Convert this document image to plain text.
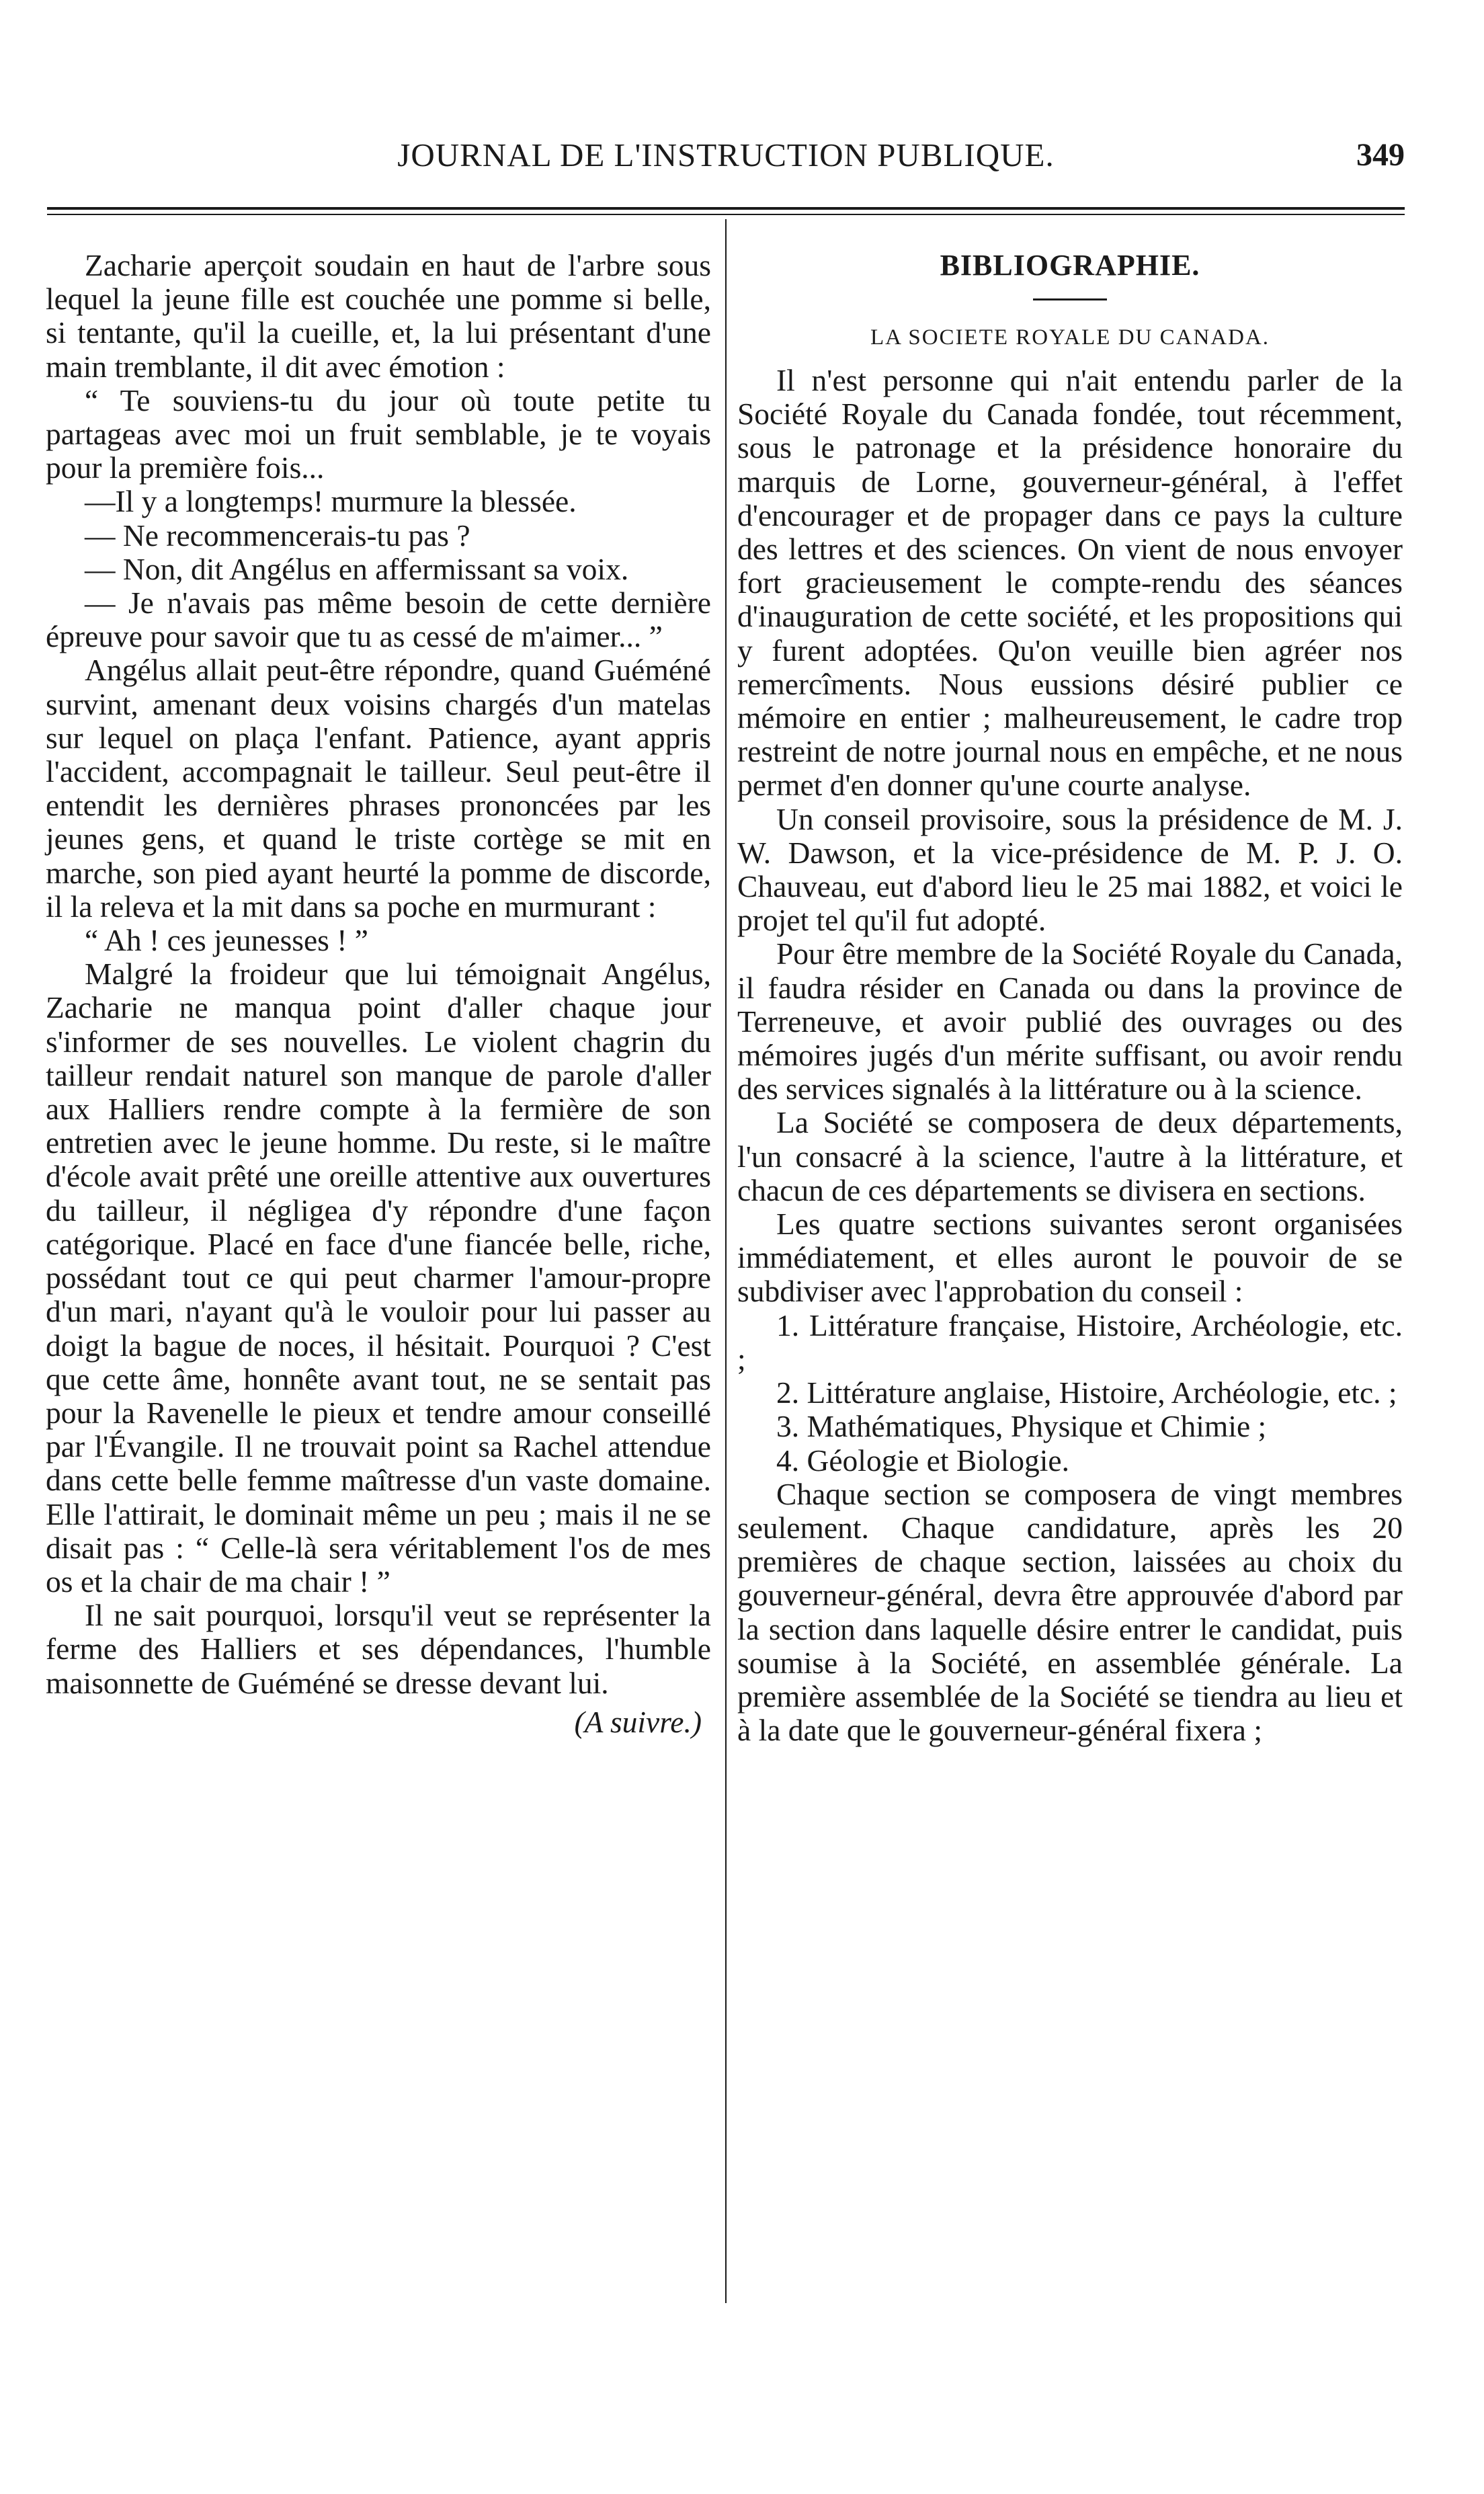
JOURNAL DE L'INSTRUCTION PUBLIQUE.	349

Zacharie aperçoit soudain en haut de l'arbre sous lequel la jeune fille est couchée une pomme si belle, si tentante, qu'il la cueille, et, la lui présentant d'une main tremblante, il dit avec émotion :

“ Te souviens-tu du jour où toute petite tu partageas avec moi un fruit semblable, je te voyais pour la première fois...

—Il y a longtemps! murmure la blessée.

— Ne recommencerais-tu pas ?

— Non, dit Angélus en affermissant sa voix.

— Je n'avais pas même besoin de cette dernière épreuve pour savoir que tu as cessé de m'aimer... ”

Angélus allait peut-être répondre, quand Guéméné survint, amenant deux voisins chargés d'un matelas sur lequel on plaça l'enfant. Patience, ayant appris l'accident, accompagnait le tailleur. Seul peut-être il entendit les dernières phrases prononcées par les jeunes gens, et quand le triste cortège se mit en marche, son pied ayant heurté la pomme de discorde, il la releva et la mit dans sa poche en murmurant :

“ Ah ! ces jeunesses ! ”

Malgré la froideur que lui témoignait Angélus, Zacharie ne manqua point d'aller chaque jour s'informer de ses nouvelles. Le violent chagrin du tailleur rendait naturel son manque de parole d'aller aux Halliers rendre compte à la fermière de son entretien avec le jeune homme. Du reste, si le maître d'école avait prêté une oreille attentive aux ouvertures du tailleur, il négligea d'y répondre d'une façon catégorique. Placé en face d'une fiancée belle, riche, possédant tout ce qui peut charmer l'amour-propre d'un mari, n'ayant qu'à le vouloir pour lui passer au doigt la bague de noces, il hésitait. Pourquoi ? C'est que cette âme, honnête avant tout, ne se sentait pas pour la Ravenelle le pieux et tendre amour conseillé par l'Évangile. Il ne trouvait point sa Rachel attendue dans cette belle femme maîtresse d'un vaste domaine. Elle l'attirait, le dominait même un peu ; mais il ne se disait pas : “ Celle-là sera véritablement l'os de mes os et la chair de ma chair ! ”

Il ne sait pourquoi, lorsqu'il veut se représenter la ferme des Halliers et ses dépendances, l'humble maisonnette de Guéméné se dresse devant lui.

(A suivre.)
BIBLIOGRAPHIE.
LA SOCIETE ROYALE DU CANADA.

Il n'est personne qui n'ait entendu parler de la Société Royale du Canada fondée, tout récemment, sous le patronage et la présidence honoraire du marquis de Lorne, gouverneur-général, à l'effet d'encourager et de propager dans ce pays la culture des lettres et des sciences. On vient de nous envoyer fort gracieusement le compte-rendu des séances d'inauguration de cette société, et les propositions qui y furent adoptées. Qu'on veuille bien agréer nos remercîments. Nous eussions désiré publier ce mémoire en entier ; malheureusement, le cadre trop restreint de notre journal nous en empêche, et ne nous permet d'en donner qu'une courte analyse.

Un conseil provisoire, sous la présidence de M. J. W. Dawson, et la vice-présidence de M. P. J. O. Chauveau, eut d'abord lieu le 25 mai 1882, et voici le projet tel qu'il fut adopté.

Pour être membre de la Société Royale du Canada, il faudra résider en Canada ou dans la province de Terreneuve, et avoir publié des ouvrages ou des mémoires jugés d'un mérite suffisant, ou avoir rendu des services signalés à la littérature ou à la science.

La Société se composera de deux départements, l'un consacré à la science, l'autre à la littérature, et chacun de ces départements se divisera en sections.

Les quatre sections suivantes seront organisées immédiatement, et elles auront le pouvoir de se subdiviser avec l'approbation du conseil :

1. Littérature française, Histoire, Archéologie, etc. ;

2. Littérature anglaise, Histoire, Archéologie, etc. ;

3. Mathématiques, Physique et Chimie ;

4. Géologie et Biologie.

Chaque section se composera de vingt membres seulement. Chaque candidature, après les 20 premières de chaque section, laissées au choix du gouverneur-général, devra être approuvée d'abord par la section dans laquelle désire entrer le candidat, puis soumise à la Société, en assemblée générale. La première assemblée de la Société se tiendra au lieu et à la date que le gouverneur-général fixera ;
